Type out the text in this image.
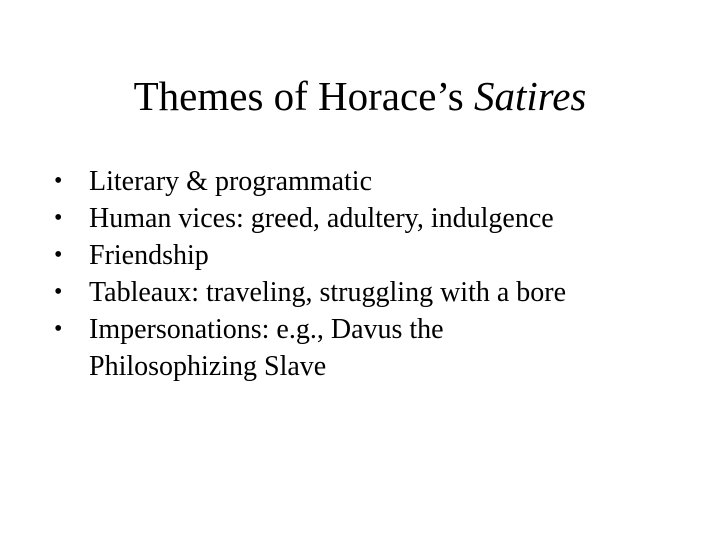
Themes of Horace’s Satires
• Literary & programmatic
• Human vices: greed, adultery, indulgence
• Friendship
• Tableaux: traveling, struggling with a bore
• Impersonations: e.g., Davus the
Philosophizing Slave
